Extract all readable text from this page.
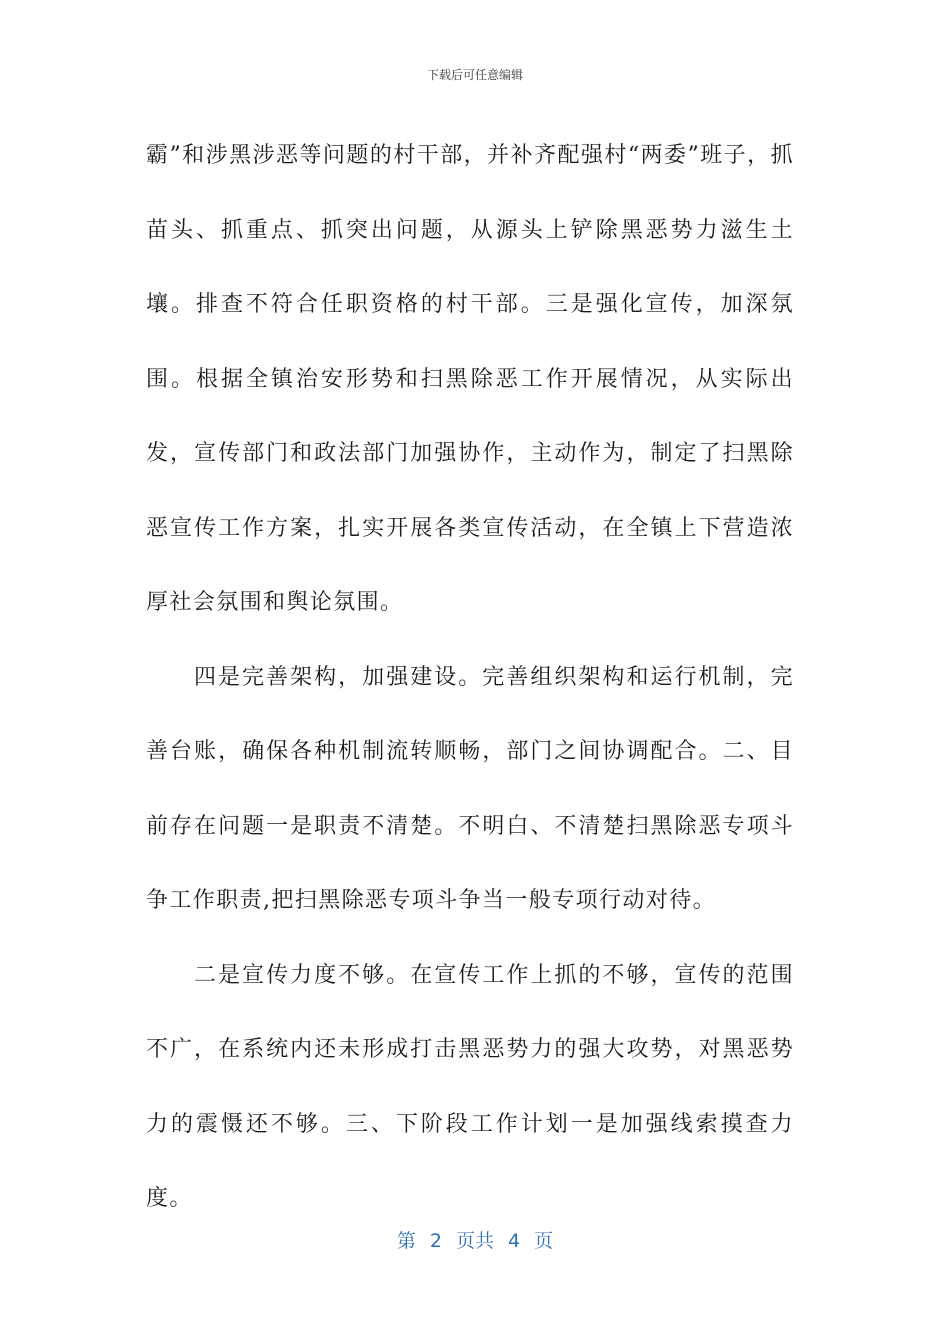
下载后可任意编辑

霸”和涉黑涉恶等问题的村干部，并补齐配强村“两委”班子，抓苗头、抓重点、抓突出问题，从源头上铲除黑恶势力滋生土壤。排查不符合任职资格的村干部。三是强化宣传，加深氛围。根据全镇治安形势和扫黑除恶工作开展情况，从实际出发，宣传部门和政法部门加强协作，主动作为，制定了扫黑除恶宣传工作方案，扎实开展各类宣传活动，在全镇上下营造浓厚社会氛围和舆论氛围。

四是完善架构，加强建设。完善组织架构和运行机制，完善台账，确保各种机制流转顺畅，部门之间协调配合。二、目前存在问题一是职责不清楚。不明白、不清楚扫黑除恶专项斗争工作职责,把扫黑除恶专项斗争当一般专项行动对待。

二是宣传力度不够。在宣传工作上抓的不够，宣传的范围不广，在系统内还未形成打击黑恶势力的强大攻势，对黑恶势力的震慑还不够。三、下阶段工作计划一是加强线索摸查力度。

第 2 页共 4 页
